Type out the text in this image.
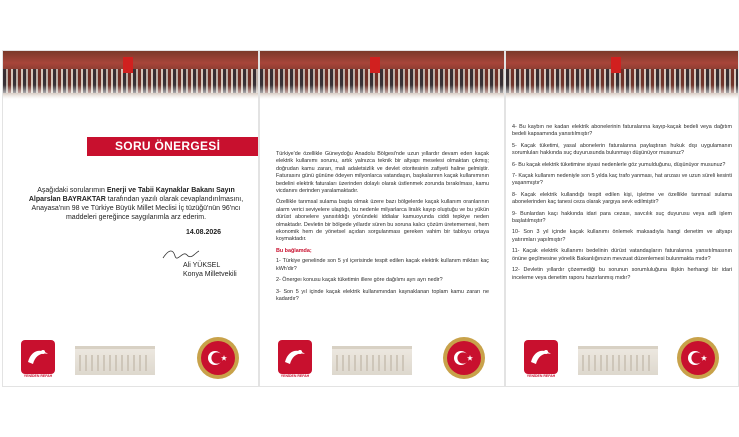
SORU ÖNERGESİ
Aşağıdaki sorularımın Enerji ve Tabii Kaynaklar Bakanı Sayın Alparslan BAYRAKTAR tarafından yazılı olarak cevaplandırılmasını, Anayasa'nın 98 ve Türkiye Büyük Millet Meclisi İç tüzüğü'nün 96'ncı maddeleri gereğince saygılarımla arz ederim.
14.08.2026
Ali YÜKSEL
Konya Milletvekili
YENİDEN REFAH

Türkiye'de özellikle Güneydoğu Anadolu Bölgesi'nde uzun yıllardır devam eden kaçak elektrik kullanımı sorunu, artık yalnızca teknik bir altyapı meselesi olmaktan çıkmış; doğrudan kamu zararı, mali adaletsizlik ve devlet otoritesinin zafiyeti haline gelmiştir. Faturasını günü gününe ödeyen milyonlarca vatandaşın, başkalarının kaçak kullanımının bedelini elektrik faturaları üzerinden dolaylı olarak üstlenmek zorunda bırakılması, kamu vicdanını derinden yaralamaktadır.

Özellikle tarımsal sulama başta olmak üzere bazı bölgelerde kaçak kullanım oranlarının alarm verici seviyelere ulaştığı, bu nedenle milyarlarca liralık kayıp oluştuğu ve bu yükün dürüst abonelere yansıtıldığı yönündeki iddialar kamuoyunda ciddi tepkiye neden olmaktadır. Devletin bir bölgede yıllardır süren bu soruna kalıcı çözüm üretememesi, hem ekonomik hem de yönetsel açıdan sorgulanması gereken vahim bir tabloyu ortaya koymaktadır.

Bu bağlamda;

1- Türkiye genelinde son 5 yıl içerisinde tespit edilen kaçak elektrik kullanım miktarı kaç kWh'dir?

2- Önergeı konusu kaçak tüketimin illere göre dağılımı ayrı ayrı nedir?

3- Son 5 yıl içinde kaçak elektrik kullanımından kaynaklanan toplam kamu zararı ne kadardır?

YENİDEN REFAH

4- Bu kaybın ne kadarı elektrik abonelerinin faturalarına kayıp-kaçak bedeli veya dağıtım bedeli kapsamında yansıtılmıştır?

5- Kaçak tüketimi, yasal abonelerin faturalarına paylaştıran hukuk dışı uygulamanın sorumluları hakkında suç duyurusunda bulunmayı düşünüyor musunuz?

6- Bu kaçak elektrik tüketimine siyasi nedenlerle göz yumulduğunu, düşünüyor musunuz?

7- Kaçak kullanım nedeniyle son 5 yılda kaç trafo yanması, hat arızası ve uzun süreli kesinti yaşanmıştır?

8- Kaçak elektrik kullandığı tespit edilen kişi, işletme ve özellikle tarımsal sulama abonelerinden kaç tanesi ceza olarak yargıya sevk edilmiştir?

9- Bunlardan kaçı hakkında idari para cezası, savcılık suç duyurusu veya adli işlem başlatılmıştır?

10- Son 3 yıl içinde kaçak kullanımı önlemek maksadıyla hangi denetim ve altyapı yatırımları yapılmıştır?

11- Kaçak elektrik kullanımı bedelinin dürüst vatandaşların faturalarına yansıtılmasının önüne geçilmesine yönelik Bakanlığınızın mevzuat düzenlemesi bulunmakta mıdır?

12- Devletin yıllardır çözemediği bu sorunun sorumluluğuna ilişkin herhangi bir idari inceleme veya denetim raporu hazırlanmış mıdır?

YENİDEN REFAH
